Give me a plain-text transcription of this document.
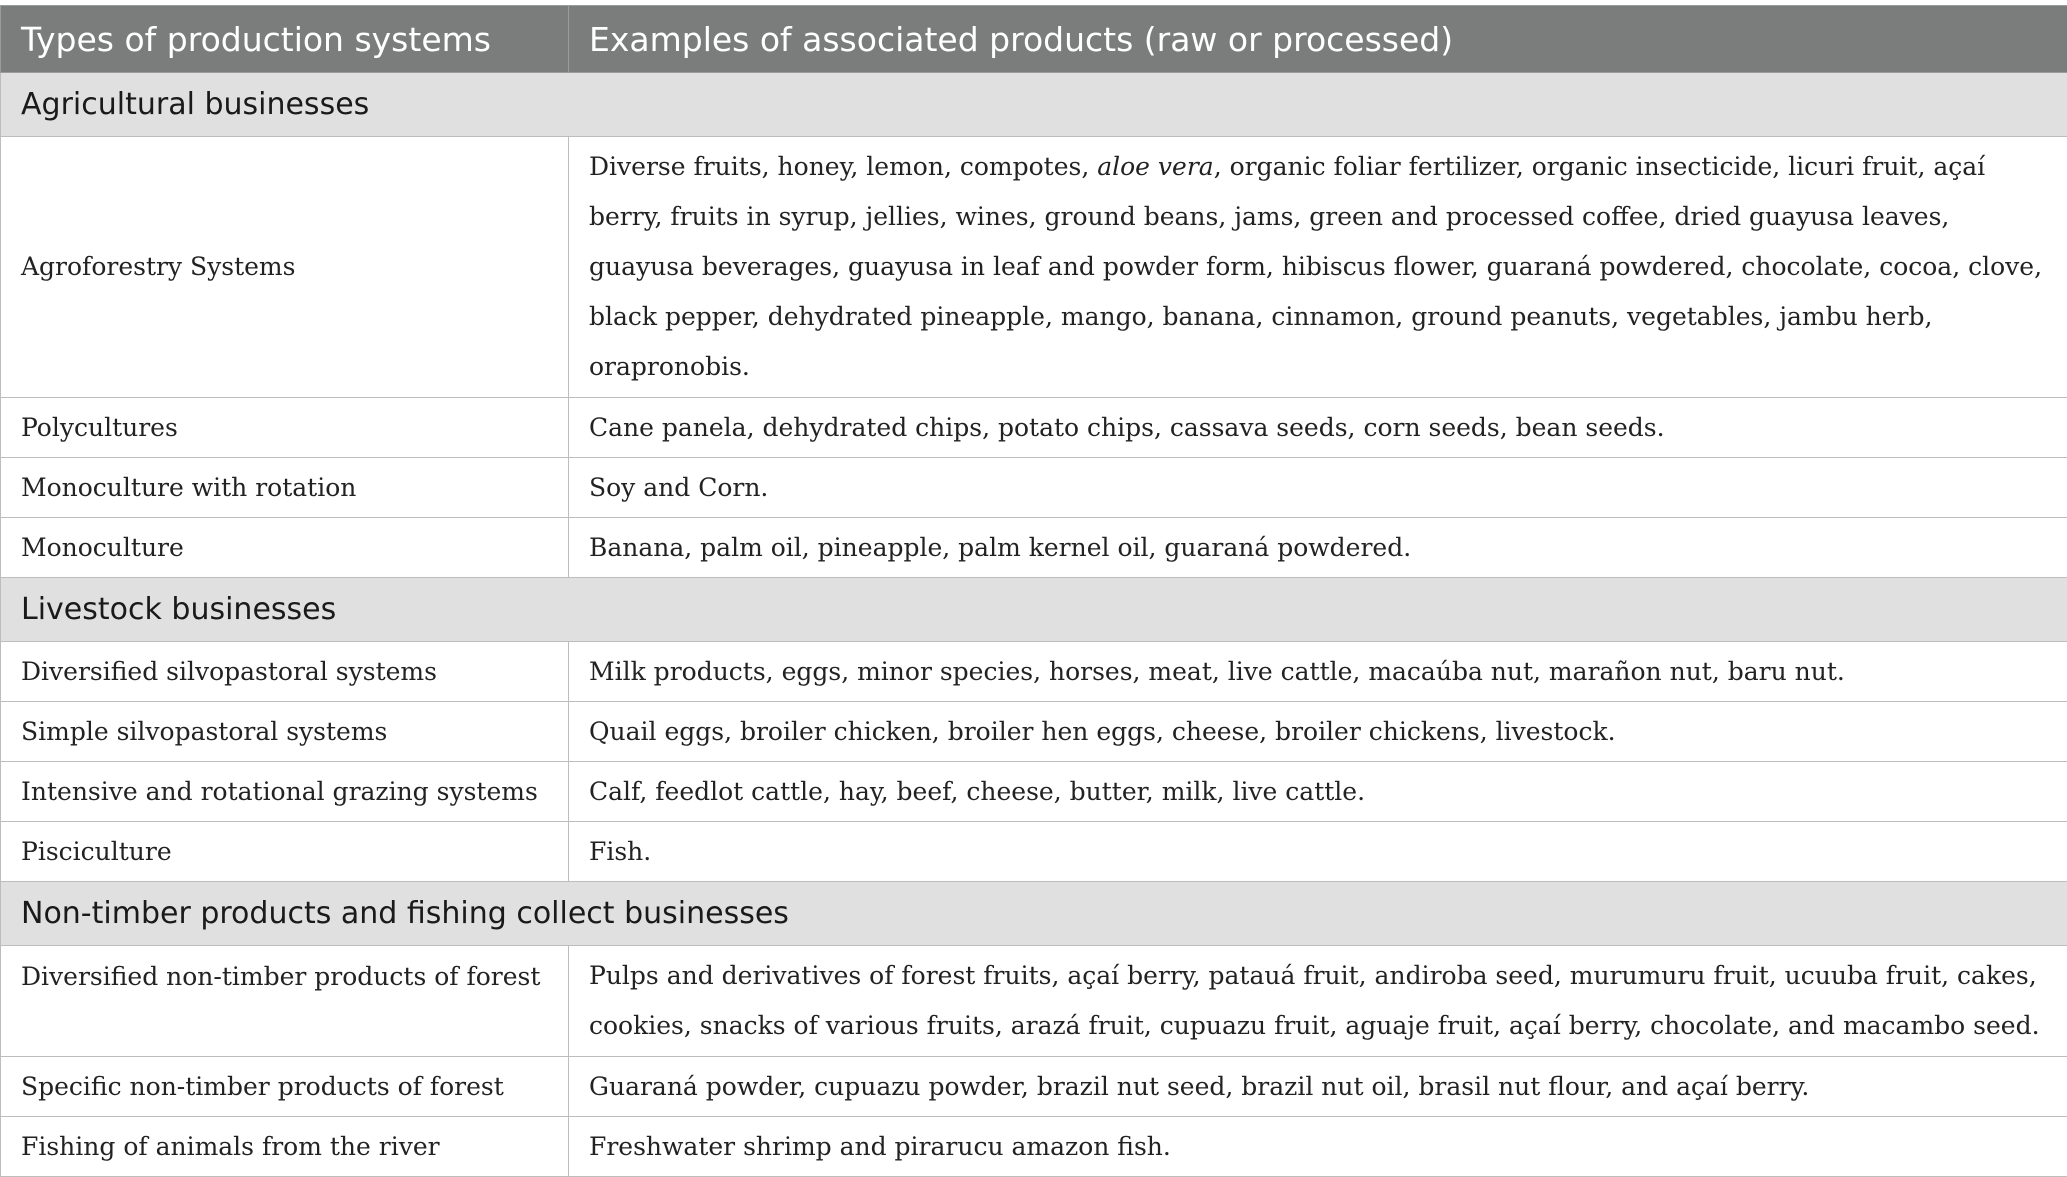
Types of production systems	Examples of associated products (raw or processed)
Agricultural businesses	
Agroforestry Systems	Diverse fruits, honey, lemon, compotes, aloe vera, organic foliar fertilizer, organic insecticide, licuri fruit, açaí berry, fruits in syrup, jellies, wines, ground beans, jams, green and processed coffee, dried guayusa leaves, guayusa beverages, guayusa in leaf and powder form, hibiscus flower, guaraná powdered, chocolate, cocoa, clove, black pepper, dehydrated pineapple, mango, banana, cinnamon, ground peanuts, vegetables, jambu herb, orapronobis.
Polycultures	Cane panela, dehydrated chips, potato chips, cassava seeds, corn seeds, bean seeds.
Monoculture with rotation	Soy and Corn.
Monoculture	Banana, palm oil, pineapple, palm kernel oil, guaraná powdered.
Livestock businesses	
Diversified silvopastoral systems	Milk products, eggs, minor species, horses, meat, live cattle, macaúba nut, marañon nut, baru nut.
Simple silvopastoral systems	Quail eggs, broiler chicken, broiler hen eggs, cheese, broiler chickens, livestock.
Intensive and rotational grazing systems	Calf, feedlot cattle, hay, beef, cheese, butter, milk, live cattle.
Pisciculture	Fish.
Non-timber products and fishing collect businesses	
Diversified non-timber products of forest	Pulps and derivatives of forest fruits, açaí berry, patauá fruit, andiroba seed, murumuru fruit, ucuuba fruit, cakes, cookies, snacks of various fruits, arazá fruit, cupuazu fruit, aguaje fruit, açaí berry, chocolate, and macambo seed.
Specific non-timber products of forest	Guaraná powder, cupuazu powder, brazil nut seed, brazil nut oil, brasil nut flour, and açaí berry.
Fishing of animals from the river	Freshwater shrimp and pirarucu amazon fish.
